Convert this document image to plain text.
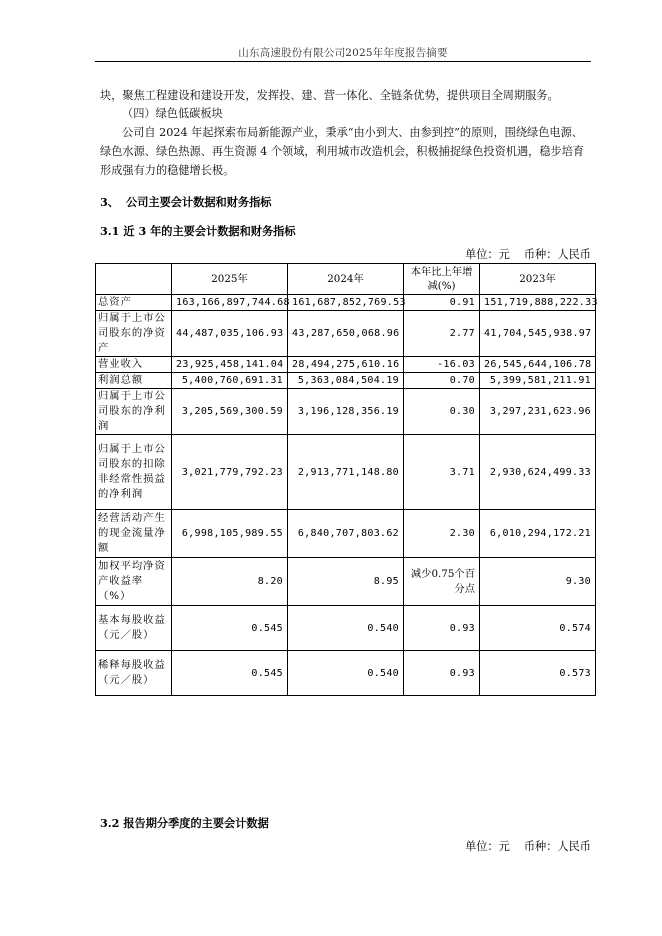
山东高速股份有限公司2025年年度报告摘要
块，聚焦工程建设和建设开发，发挥投、建、营一体化、全链条优势，提供项目全周期服务。
（四）绿色低碳板块
公司自 2024 年起探索布局新能源产业，秉承“由小到大、由参到控”的原则，围绕绿色电源、绿色水源、绿色热源、再生资源 4 个领域，利用城市改造机会，积极捕捉绿色投资机遇，稳步培育形成强有力的稳健增长极。
3、 公司主要会计数据和财务指标
3.1 近 3 年的主要会计数据和财务指标
单位：元 币种：人民币
	2025年	2024年	本年比上年增减(%)	2023年
总资产	163,166,897,744.68	161,687,852,769.53	0.91	151,719,888,222.33
归属于上市公司股东的净资产	44,487,035,106.93	43,287,650,068.96	2.77	41,704,545,938.97
营业收入	23,925,458,141.04	28,494,275,610.16	-16.03	26,545,644,106.78
利润总额	5,400,760,691.31	5,363,084,504.19	0.70	5,399,581,211.91
归属于上市公司股东的净利润	3,205,569,300.59	3,196,128,356.19	0.30	3,297,231,623.96
归属于上市公司股东的扣除非经常性损益的净利润	3,021,779,792.23	2,913,771,148.80	3.71	2,930,624,499.33
经营活动产生的现金流量净额	6,998,105,989.55	6,840,707,803.62	2.30	6,010,294,172.21
加权平均净资产收益率（%）	8.20	8.95	减少0.75个百分点	9.30
基本每股收益（元／股）	0.545	0.540	0.93	0.574
稀释每股收益（元／股）	0.545	0.540	0.93	0.573
3.2 报告期分季度的主要会计数据
单位：元 币种：人民币
